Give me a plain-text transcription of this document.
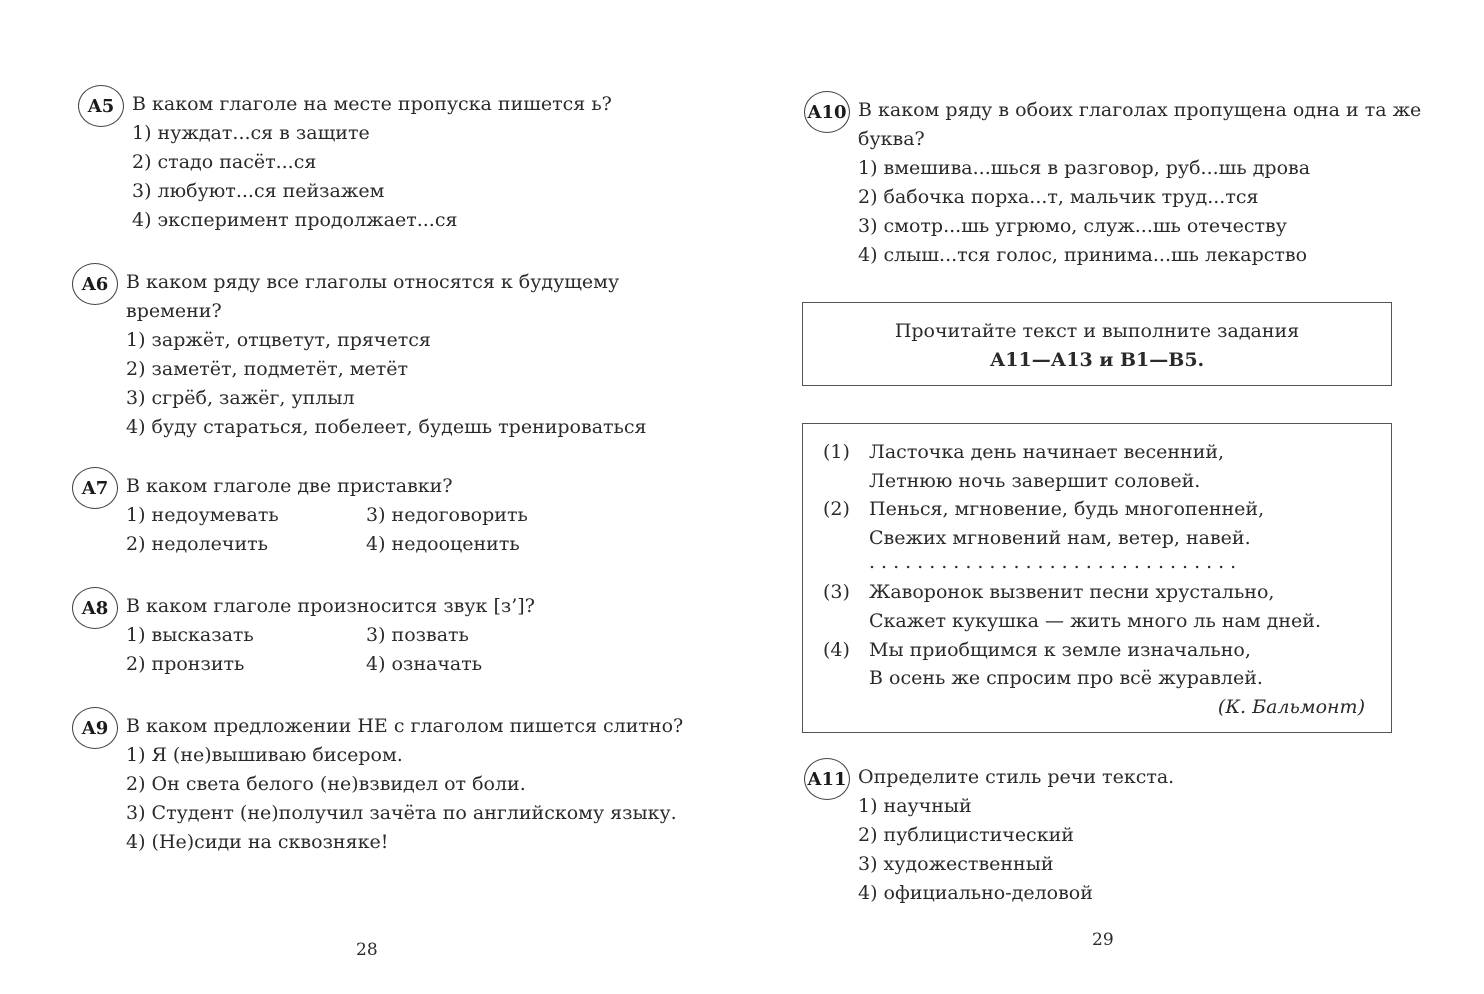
A5 В каком глаголе на месте пропуска пишется ь?
1) нуждат...ся в защите
2) стадо пасёт...ся
3) любуют...ся пейзажем
4) эксперимент продолжает...ся
A6 В каком ряду все глаголы относятся к будущему времени?
1) заржёт, отцветут, прячется
2) заметёт, подметёт, метёт
3) сгрёб, зажёг, уплыл
4) буду стараться, побелеет, будешь тренироваться
A7 В каком глаголе две приставки?
1) недоумевать	3) недоговорить
2) недолечить	4) недооценить
A8 В каком глаголе произносится звук [з’]?
1) высказать	3) позвать
2) пронзить	4) означать
A9 В каком предложении НЕ с глаголом пишется слитно?
1) Я (не)вышиваю бисером.
2) Он света белого (не)взвидел от боли.
3) Студент (не)получил зачёта по английскому языку.
4) (Не)сиди на сквозняке!
28
A10 В каком ряду в обоих глаголах пропущена одна и та же буква?
1) вмешива...шься в разговор, руб...шь дрова
2) бабочка порха...т, мальчик труд...тся
3) смотр...шь угрюмо, служ...шь отечеству
4) слыш...тся голос, принима...шь лекарство
Прочитайте текст и выполните задания
А11—А13 и В1—В5.
(1)	Ласточка день начинает весенний,
Летнюю ночь завершит соловей.
(2)	Пенься, мгновение, будь многопенней,
Свежих мгновений нам, ветер, навей.
...............................
(3)	Жаворонок вызвенит песни хрустально,
Скажет кукушка — жить много ль нам дней.
(4)	Мы приобщимся к земле изначально,
В осень же спросим про всё журавлей.
(К. Бальмонт)
A11 Определите стиль речи текста.
1) научный
2) публицистический
3) художественный
4) официально-деловой
29
